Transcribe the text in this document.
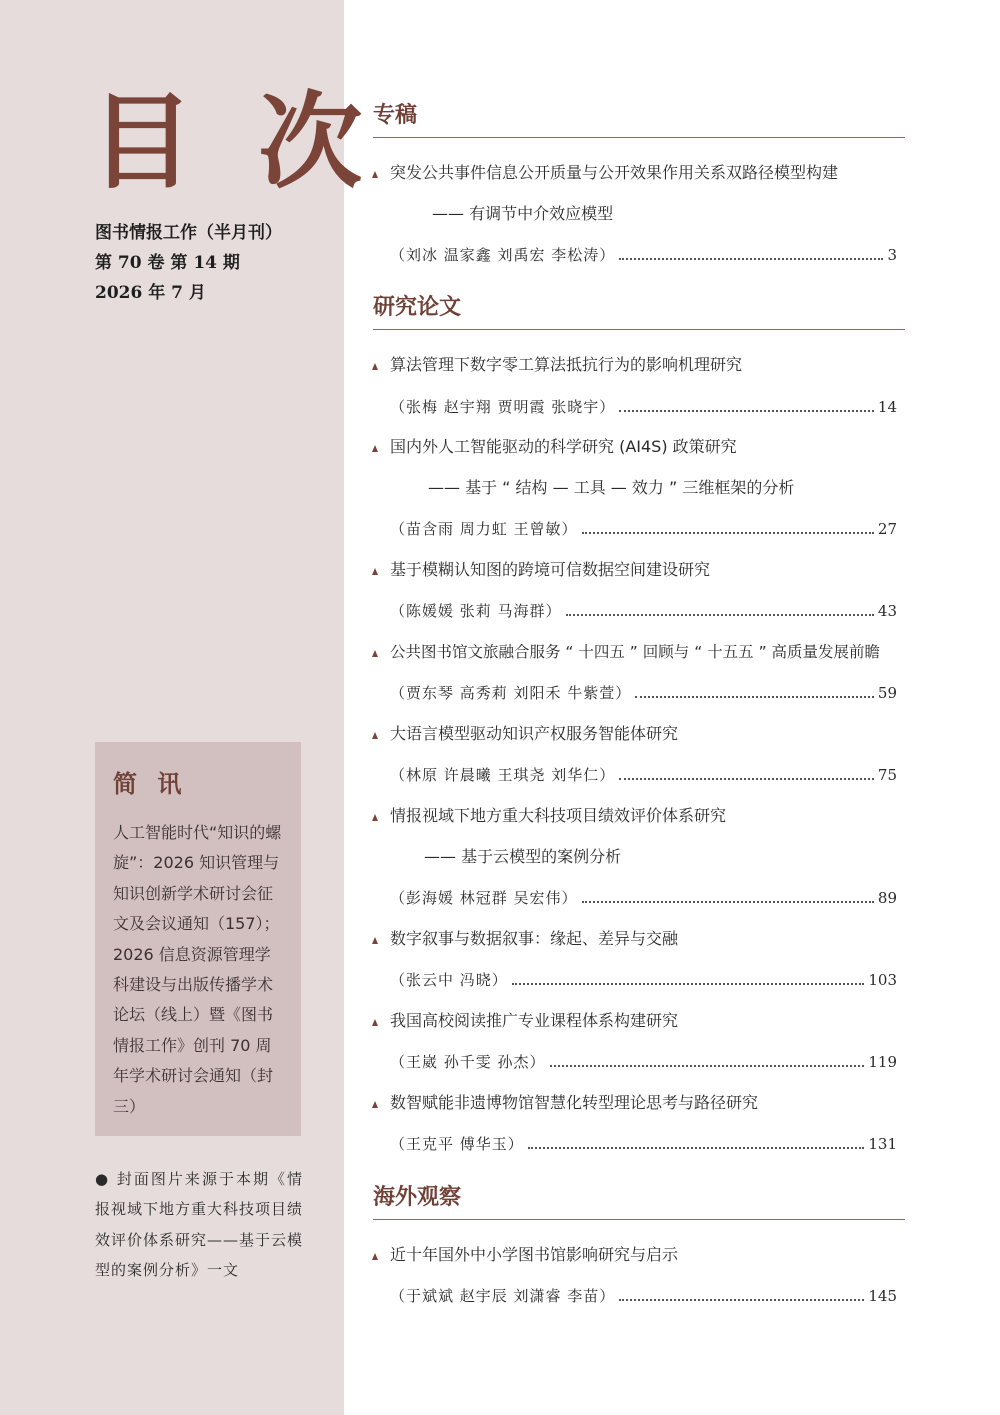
目 次
图书情报工作（半月刊）
第 70 卷 第 14 期
2026 年 7 月
简 讯
人工智能时代“知识的螺旋”：2026 知识管理与知识创新学术研讨会征文及会议通知（157）；2026 信息资源管理学科建设与出版传播学术论坛（线上）暨《图书情报工作》创刊 70 周年学术研讨会通知（封三）
● 封面图片来源于本期《情报视域下地方重大科技项目绩效评价体系研究——基于云模型的案例分析》一文
专稿
突发公共事件信息公开质量与公开效果作用关系双路径模型构建
—— 有调节中介效应模型
（刘冰 温家鑫 刘禹宏 李松涛）	3
研究论文
算法管理下数字零工算法抵抗行为的影响机理研究
（张梅 赵宇翔 贾明霞 张晓宇）	14
国内外人工智能驱动的科学研究 (AI4S) 政策研究
—— 基于 “ 结构 — 工具 — 效力 ” 三维框架的分析
（苗含雨 周力虹 王曾敏）	27
基于模糊认知图的跨境可信数据空间建设研究
（陈媛媛 张莉 马海群）	43
公共图书馆文旅融合服务 “ 十四五 ” 回顾与 “ 十五五 ” 高质量发展前瞻
（贾东琴 高秀莉 刘阳禾 牛紫萱）	59
大语言模型驱动知识产权服务智能体研究
（林原 许晨曦 王琪尧 刘华仁）	75
情报视域下地方重大科技项目绩效评价体系研究
—— 基于云模型的案例分析
（彭海媛 林冠群 吴宏伟）	89
数字叙事与数据叙事：缘起、差异与交融
（张云中 冯晓）	103
我国高校阅读推广专业课程体系构建研究
（王崴 孙千雯 孙杰）	119
数智赋能非遗博物馆智慧化转型理论思考与路径研究
（王克平 傅华玉）	131
海外观察
近十年国外中小学图书馆影响研究与启示
（于斌斌 赵宇辰 刘潇睿 李苗）	145
